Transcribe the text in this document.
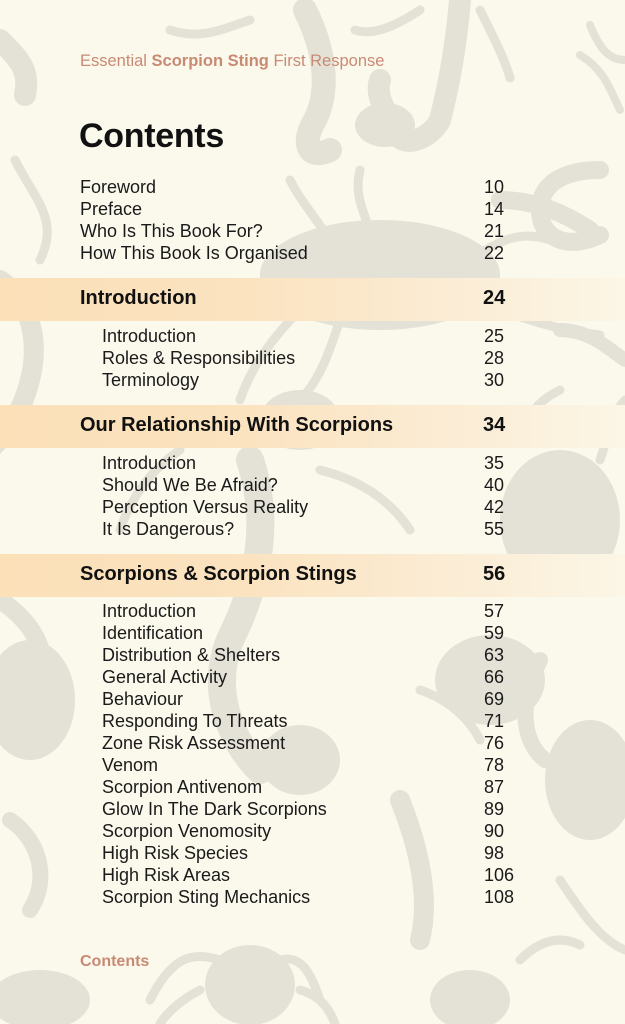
Essential Scorpion Sting First Response
Contents
Foreword	10
Preface	14
Who Is This Book For?	21
How This Book Is Organised	22
Introduction	24
Introduction	25
Roles & Responsibilities	28
Terminology	30
Our Relationship With Scorpions	34
Introduction	35
Should We Be Afraid?	40
Perception Versus Reality	42
It Is Dangerous?	55
Scorpions & Scorpion Stings	56
Introduction	57
Identification	59
Distribution & Shelters	63
General Activity	66
Behaviour	69
Responding To Threats	71
Zone Risk Assessment	76
Venom	78
Scorpion Antivenom	87
Glow In The Dark Scorpions	89
Scorpion Venomosity	90
High Risk Species	98
High Risk Areas	106
Scorpion Sting Mechanics	108
Contents
